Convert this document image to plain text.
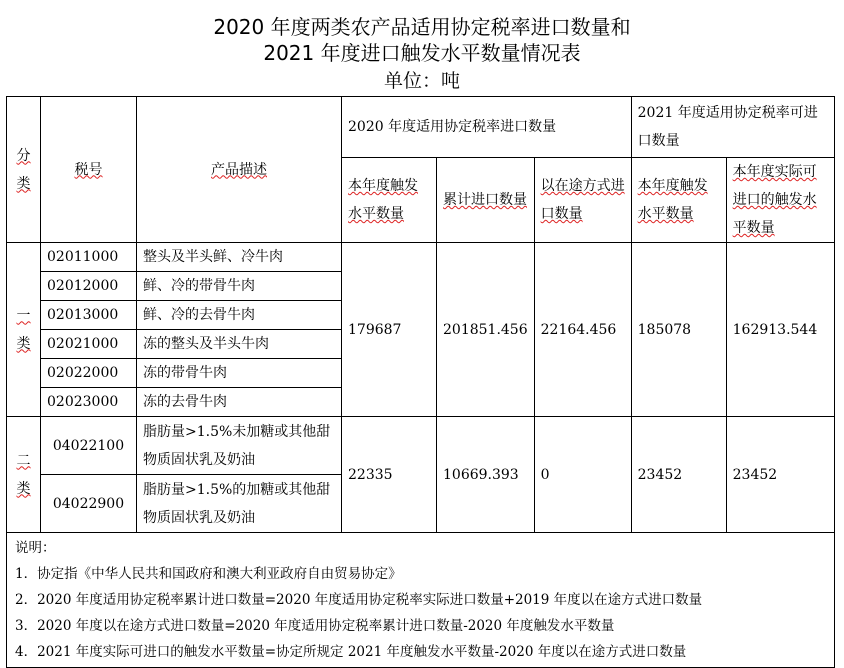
2020 年度两类农产品适用协定税率进口数量和
2021 年度进口触发水平数量情况表
单位：吨
分类	税号	产品描述	2020 年度适用协定税率进口数量			2021 年度适用协定税率可进口数量	
			本年度触发水平数量	累计进口数量	以在途方式进口数量	本年度触发水平数量	本年度实际可进口的触发水平数量
一类	02011000	整头及半头鲜、冷牛肉	179687	201851.456	22164.456	185078	162913.544
	02012000	鲜、冷的带骨牛肉					
	02013000	鲜、冷的去骨牛肉					
	02021000	冻的整头及半头牛肉					
	02022000	冻的带骨牛肉					
	02023000	冻的去骨牛肉					
二类	04022100	脂肪量>1.5%未加糖或其他甜物质固状乳及奶油	22335	10669.393	0	23452	23452
	04022900	脂肪量>1.5%的加糖或其他甜物质固状乳及奶油					

说明：
1．协定指《中华人民共和国政府和澳大利亚政府自由贸易协定》
2．2020 年度适用协定税率累计进口数量=2020 年度适用协定税率实际进口数量+2019 年度以在途方式进口数量
3．2020 年度以在途方式进口数量=2020 年度适用协定税率累计进口数量-2020 年度触发水平数量
4．2021 年度实际可进口的触发水平数量=协定所规定 2021 年度触发水平数量-2020 年度以在途方式进口数量							
